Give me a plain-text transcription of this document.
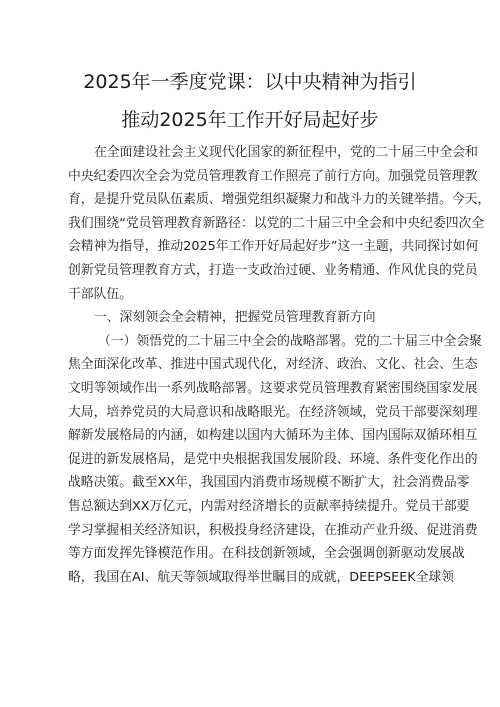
2025年一季度党课：以中央精神为指引
推动2025年工作开好局起好步
在全面建设社会主义现代化国家的新征程中，党的二十届三中全会和
中央纪委四次全会为党员管理教育工作照亮了前行方向。加强党员管理教
育，是提升党员队伍素质、增强党组织凝聚力和战斗力的关键举措。今天，
我们围绕“党员管理教育新路径：以党的二十届三中全会和中央纪委四次全
会精神为指导，推动2025年工作开好局起好步”这一主题，共同探讨如何
创新党员管理教育方式，打造一支政治过硬、业务精通、作风优良的党员
干部队伍。
一、深刻领会全会精神，把握党员管理教育新方向
（一）领悟党的二十届三中全会的战略部署。党的二十届三中全会聚
焦全面深化改革、推进中国式现代化，对经济、政治、文化、社会、生态
文明等领域作出一系列战略部署。这要求党员管理教育紧密围绕国家发展
大局，培养党员的大局意识和战略眼光。在经济领域，党员干部要深刻理
解新发展格局的内涵，如构建以国内大循环为主体、国内国际双循环相互
促进的新发展格局，是党中央根据我国发展阶段、环境、条件变化作出的
战略决策。截至XX年，我国国内消费市场规模不断扩大，社会消费品零
售总额达到XX万亿元，内需对经济增长的贡献率持续提升。党员干部要
学习掌握相关经济知识，积极投身经济建设，在推动产业升级、促进消费
等方面发挥先锋模范作用。在科技创新领域，全会强调创新驱动发展战
略，我国在AI、航天等领域取得举世瞩目的成就，DEEPSEEK全球领
